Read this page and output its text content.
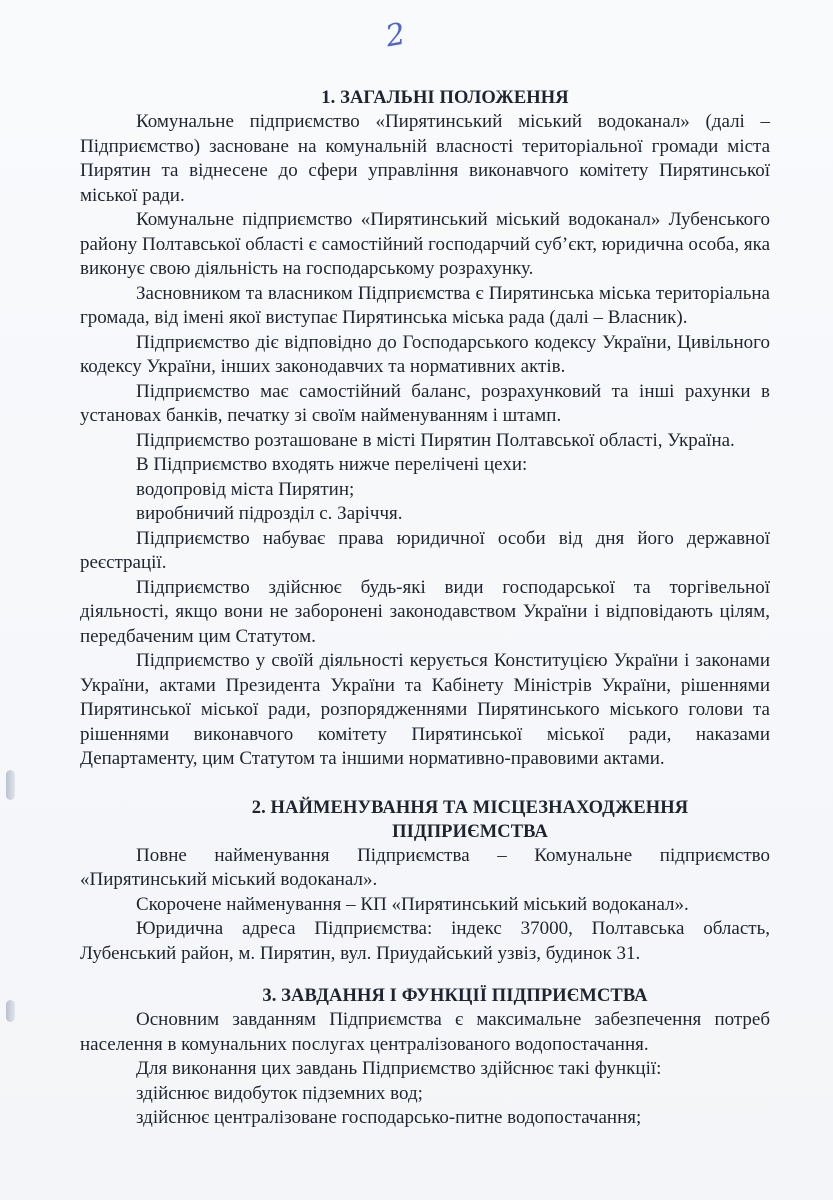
2
1. ЗАГАЛЬНІ ПОЛОЖЕННЯ

Комунальне підприємство «Пирятинський міський водоканал» (далі – Підприємство) засноване на комунальній власності територіальної громади міста Пирятин та віднесене до сфери управління виконавчого комітету Пирятинської міської ради.

Комунальне підприємство «Пирятинський міський водоканал» Лубенського району Полтавської області є самостійний господарчий суб’єкт, юридична особа, яка виконує свою діяльність на господарському розрахунку.

Засновником та власником Підприємства є Пирятинська міська територіальна громада, від імені якої виступає Пирятинська міська рада (далі – Власник).

Підприємство діє відповідно до Господарського кодексу України, Цивільного кодексу України, інших законодавчих та нормативних актів.

Підприємство має самостійний баланс, розрахунковий та інші рахунки в установах банків, печатку зі своїм найменуванням і штамп.

Підприємство розташоване в місті Пирятин Полтавської області, Україна.

В Підприємство входять нижче перелічені цехи:

водопровід міста Пирятин;

виробничий підрозділ с. Заріччя.

Підприємство набуває права юридичної особи від дня його державної реєстрації.

Підприємство здійснює будь-які види господарської та торгівельної діяльності, якщо вони не заборонені законодавством України і відповідають цілям, передбаченим цим Статутом.

Підприємство у своїй діяльності керується Конституцією України і законами України, актами Президента України та Кабінету Міністрів України, рішеннями Пирятинської міської ради, розпорядженнями Пирятинського міського голови та рішеннями виконавчого комітету Пирятинської міської ради, наказами Департаменту, цим Статутом та іншими нормативно-правовими актами.

2. НАЙМЕНУВАННЯ ТА МІСЦЕЗНАХОДЖЕННЯ
ПІДПРИЄМСТВА

Повне найменування Підприємства – Комунальне підприємство «Пирятинський міський водоканал».

Скорочене найменування – КП «Пирятинський міський водоканал».

Юридична адреса Підприємства: індекс 37000, Полтавська область, Лубенський район, м. Пирятин, вул. Приудайський узвіз, будинок 31.

3. ЗАВДАННЯ І ФУНКЦІЇ ПІДПРИЄМСТВА

Основним завданням Підприємства є максимальне забезпечення потреб населення в комунальних послугах централізованого водопостачання.

Для виконання цих завдань Підприємство здійснює такі функції:

здійснює видобуток підземних вод;

здійснює централізоване господарсько-питне водопостачання;
